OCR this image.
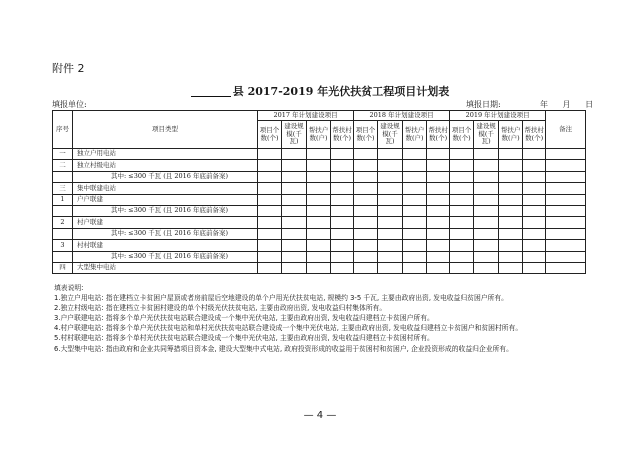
附件 2
县 2017-2019 年光伏扶贫工程项目计划表
填报单位:	填报日期:	年 月 日
序号	项目类型	2017 年计划建设项目				2018 年计划建设项目				2019 年计划建设项目				备注
		项目个数(个)	建设规模(千瓦)	帮扶户数(户)	帮扶村数(个)	项目个数(个)	建设规模(千瓦)	帮扶户数(户)	帮扶村数(个)	项目个数(个)	建设规模(千瓦)	帮扶户数(户)	帮扶村数(个)	
一	独立户用电站													
二	独立村级电站													
	其中: ≤300 千瓦 (且 2016 年底前备案)													
三	集中联建电站													
1	户户联建													
	其中: ≤300 千瓦 (且 2016 年底前备案)													
2	村户联建													
	其中: ≤300 千瓦 (且 2016 年底前备案)													
3	村村联建													
	其中: ≤300 千瓦 (且 2016 年底前备案)													
四	大型集中电站													
填表说明:
1.独立户用电站: 指在建档立卡贫困户屋顶或者房前屋后空地建设的单个户用光伏扶贫电站, 规模约 3-5 千瓦, 主要由政府出资, 发电收益归贫困户所有。
2.独立村级电站: 指在建档立卡贫困村建设的单个村级光伏扶贫电站, 主要由政府出资, 发电收益归村集体所有。
3.户户联建电站: 指将多个单户光伏扶贫电站联合建设成一个集中光伏电站, 主要由政府出资, 发电收益归建档立卡贫困户所有。
4.村户联建电站: 指将多个单户光伏扶贫电站和单村光伏扶贫电站联合建设成一个集中光伏电站, 主要由政府出资, 发电收益归建档立卡贫困户和贫困村所有。
5.村村联建电站: 指将多个单村光伏扶贫电站联合建设成一个集中光伏电站, 主要由政府出资, 发电收益归建档立卡贫困村所有。
6.大型集中电站: 指由政府和企业共同筹措项目资本金, 建设大型集中式电站, 政府投资形成的收益用于贫困村和贫困户, 企业投资形成的收益归企业所有。
— 4 —
